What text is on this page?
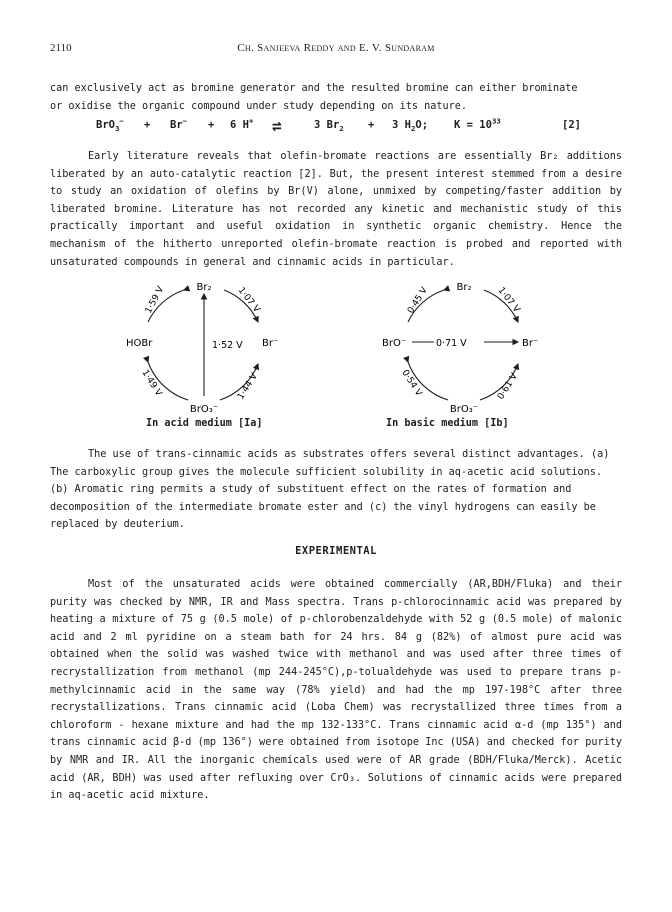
2110	Ch. Sanjeeva Reddy and E. V. Sundaram

can exclusively act as bromine generator and the resulted bromine can either brominate

or oxidise the organic compound under study depending on its nature.

BrO$_3$− + Br− + 6 H+ ⇌	3 $Br_2 + 3$ $H_2O$; $K = 10^{33}$	[2]

Early literature reveals that olefin-bromate reactions are essentially Br₂ additions liberated by an auto-catalytic reaction [2]. But, the present interest stemmed from a desire to study an oxidation of olefins by Br(V) alone, unmixed by competing/faster addition by liberated bromine. Literature has not recorded any kinetic and mechanistic study of this practically important and useful oxidation in synthetic organic chemistry. Hence the mechanism of the hitherto unreported olefin-bromate reaction is probed and reported with unsaturated compounds in general and cinnamic acids in particular.

Br₂
HOBr	Br⁻
BrO₃⁻
1·52 V
1·59 V	1·07 V
1·49 V	1·44 V
In acid medium [Ia]
Br₂
BrO⁻	Br⁻
BrO₃⁻
0·71 V
0·45 V	1·07 V
0·54 V	0·61 V
In basic medium [Ib]

The use of trans-cinnamic acids as substrates offers several distinct advantages. (a) The carboxylic group gives the molecule sufficient solubility in aq-acetic acid solutions. (b) Aromatic ring permits a study of substituent effect on the rates of formation and decomposition of the intermediate bromate ester and (c) the vinyl hydrogens can easily be replaced by deuterium.

EXPERIMENTAL

Most of the unsaturated acids were obtained commercially (AR,BDH/Fluka) and their purity was checked by NMR, IR and Mass spectra. Trans p-chlorocinnamic acid was prepared by heating a mixture of 75 g (0.5 mole) of p-chlorobenzaldehyde with 52 g (0.5 mole) of malonic acid and 2 ml pyridine on a steam bath for 24 hrs. 84 g (82%) of almost pure acid was obtained when the solid was washed twice with methanol and was used after three times of recrystallization from methanol (mp 244-245°C),p-tolualdehyde was used to prepare trans p-methylcinnamic acid in the same way (78% yield) and had the mp 197-198°C after three recrystallizations. Trans cinnamic acid (Loba Chem) was recrystallized three times from a chloroform - hexane mixture and had the mp 132-133°C. Trans cinnamic acid α-d (mp 135°) and trans cinnamic acid β-d (mp 136°) were obtained from isotope Inc (USA) and checked for purity by NMR and IR. All the inorganic chemicals used were of AR grade (BDH/Fluka/Merck). Acetic acid (AR, BDH) was used after refluxing over CrO₃. Solutions of cinnamic acids were prepared in aq-acetic acid mixture.
